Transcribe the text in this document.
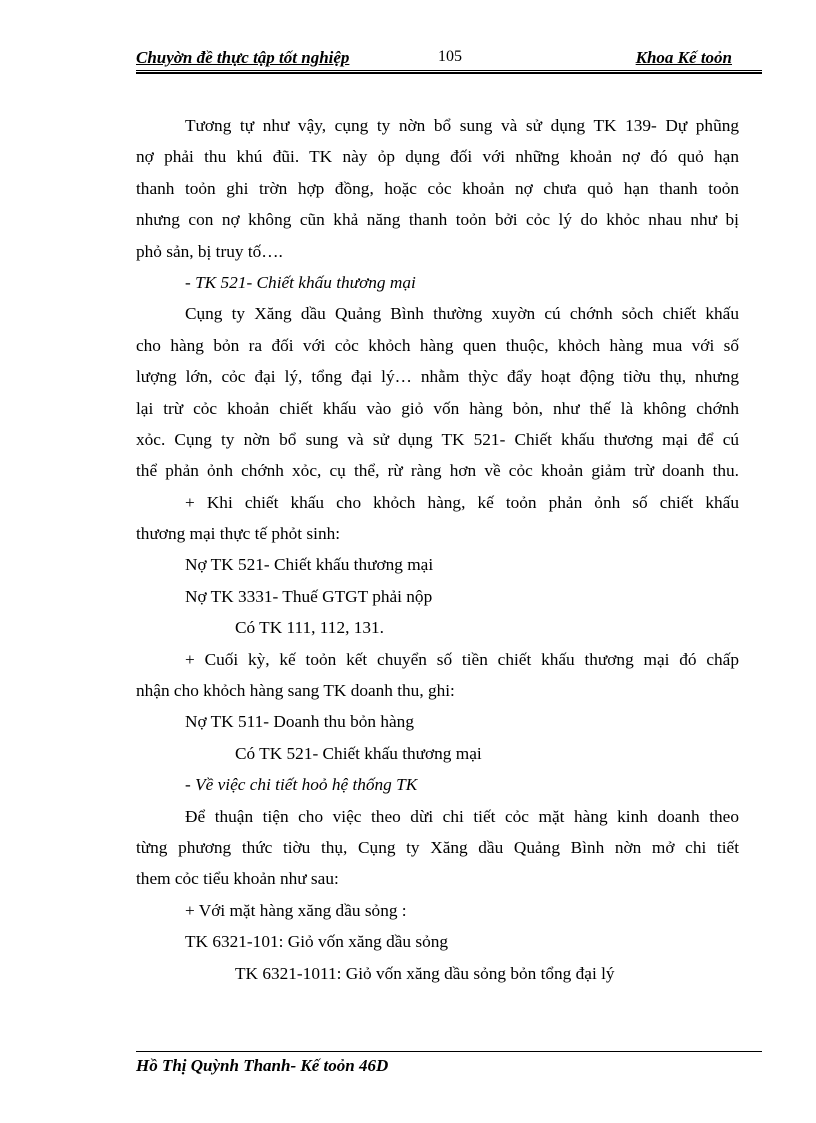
Chuyờn đề thực tập tốt nghiệp	105	Khoa Kế toỏn
Tương tự như vậy, cụng ty nờn bổ sung và sử dụng TK 139- Dự phũng
nợ phải thu khú đũi. TK này ỏp dụng đối với những khoản nợ đó quỏ hạn
thanh toỏn ghi trờn hợp đồng, hoặc cỏc khoản nợ chưa quỏ hạn thanh toỏn
nhưng con nợ không cũn khả năng thanh toỏn bởi cỏc lý do khỏc nhau như bị
phỏ sản, bị truy tố….
- TK 521- Chiết khấu thương mại
Cụng ty Xăng dầu Quảng Bình thường xuyờn cú chớnh sỏch chiết khấu
cho hàng bỏn ra đối với cỏc khỏch hàng quen thuộc, khỏch hàng mua với số
lượng lớn, cỏc đại lý, tổng đại lý… nhằm thỳc đẩy hoạt động tiờu thụ, nhưng
lại trừ cỏc khoản chiết khấu vào giỏ vốn hàng bỏn, như thế là không chớnh
xỏc. Cụng ty nờn bổ sung và sử dụng TK 521- Chiết khấu thương mại để cú
thể phản ỏnh chớnh xỏc, cụ thể, rừ ràng hơn về cỏc khoản giảm trừ doanh thu.
+ Khi chiết khấu cho khỏch hàng, kế toỏn phản ỏnh số chiết khấu
thương mại thực tế phỏt sinh:
Nợ TK 521- Chiết khấu thương mại
Nợ TK 3331- Thuế GTGT phải nộp
Có TK 111, 112, 131.
+ Cuối kỳ, kế toỏn kết chuyển số tiền chiết khấu thương mại đó chấp
nhận cho khỏch hàng sang TK doanh thu, ghi:
Nợ TK 511- Doanh thu bỏn hàng
Có TK 521- Chiết khấu thương mại
- Về việc chi tiết hoỏ hệ thống TK
Để thuận tiện cho việc theo dừi chi tiết cỏc mặt hàng kinh doanh theo
từng phương thức tiờu thụ, Cụng ty Xăng dầu Quảng Bình nờn mở chi tiết
them cỏc tiểu khoản như sau:
+ Với mặt hàng xăng dầu sỏng :
TK 6321-101: Giỏ vốn xăng dầu sỏng
TK 6321-1011: Giỏ vốn xăng dầu sỏng bỏn tổng đại lý
Hồ Thị Quỳnh Thanh- Kế toỏn 46D
